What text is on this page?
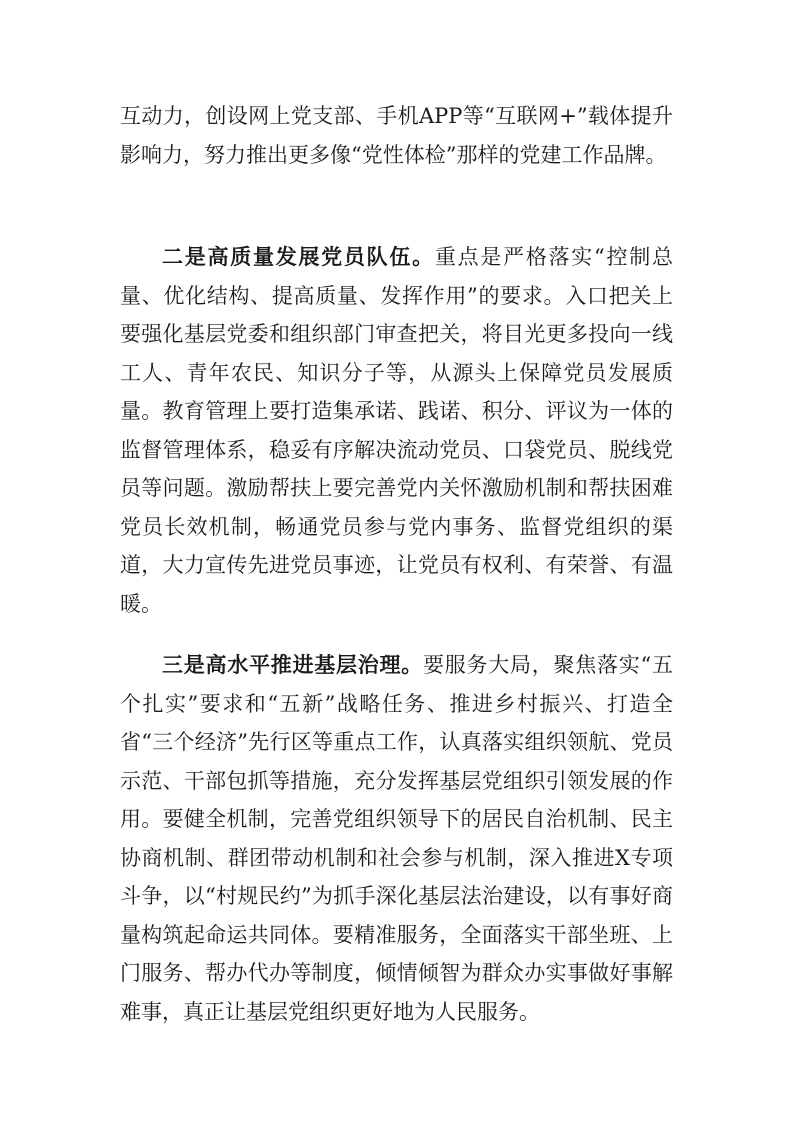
互动力，创设网上党支部、手机APP等“互联网+”载体提升影响力，努力推出更多像“党性体检”那样的党建工作品牌。

二是高质量发展党员队伍。重点是严格落实“控制总量、优化结构、提高质量、发挥作用”的要求。入口把关上要强化基层党委和组织部门审查把关，将目光更多投向一线工人、青年农民、知识分子等，从源头上保障党员发展质量。教育管理上要打造集承诺、践诺、积分、评议为一体的监督管理体系，稳妥有序解决流动党员、口袋党员、脱线党员等问题。激励帮扶上要完善党内关怀激励机制和帮扶困难党员长效机制，畅通党员参与党内事务、监督党组织的渠道，大力宣传先进党员事迹，让党员有权利、有荣誉、有温暖。

三是高水平推进基层治理。要服务大局，聚焦落实“五个扎实”要求和“五新”战略任务、推进乡村振兴、打造全省“三个经济”先行区等重点工作，认真落实组织领航、党员示范、干部包抓等措施，充分发挥基层党组织引领发展的作用。要健全机制，完善党组织领导下的居民自治机制、民主协商机制、群团带动机制和社会参与机制，深入推进X专项斗争，以“村规民约”为抓手深化基层法治建设，以有事好商量构筑起命运共同体。要精准服务，全面落实干部坐班、上门服务、帮办代办等制度，倾情倾智为群众办实事做好事解难事，真正让基层党组织更好地为人民服务。
